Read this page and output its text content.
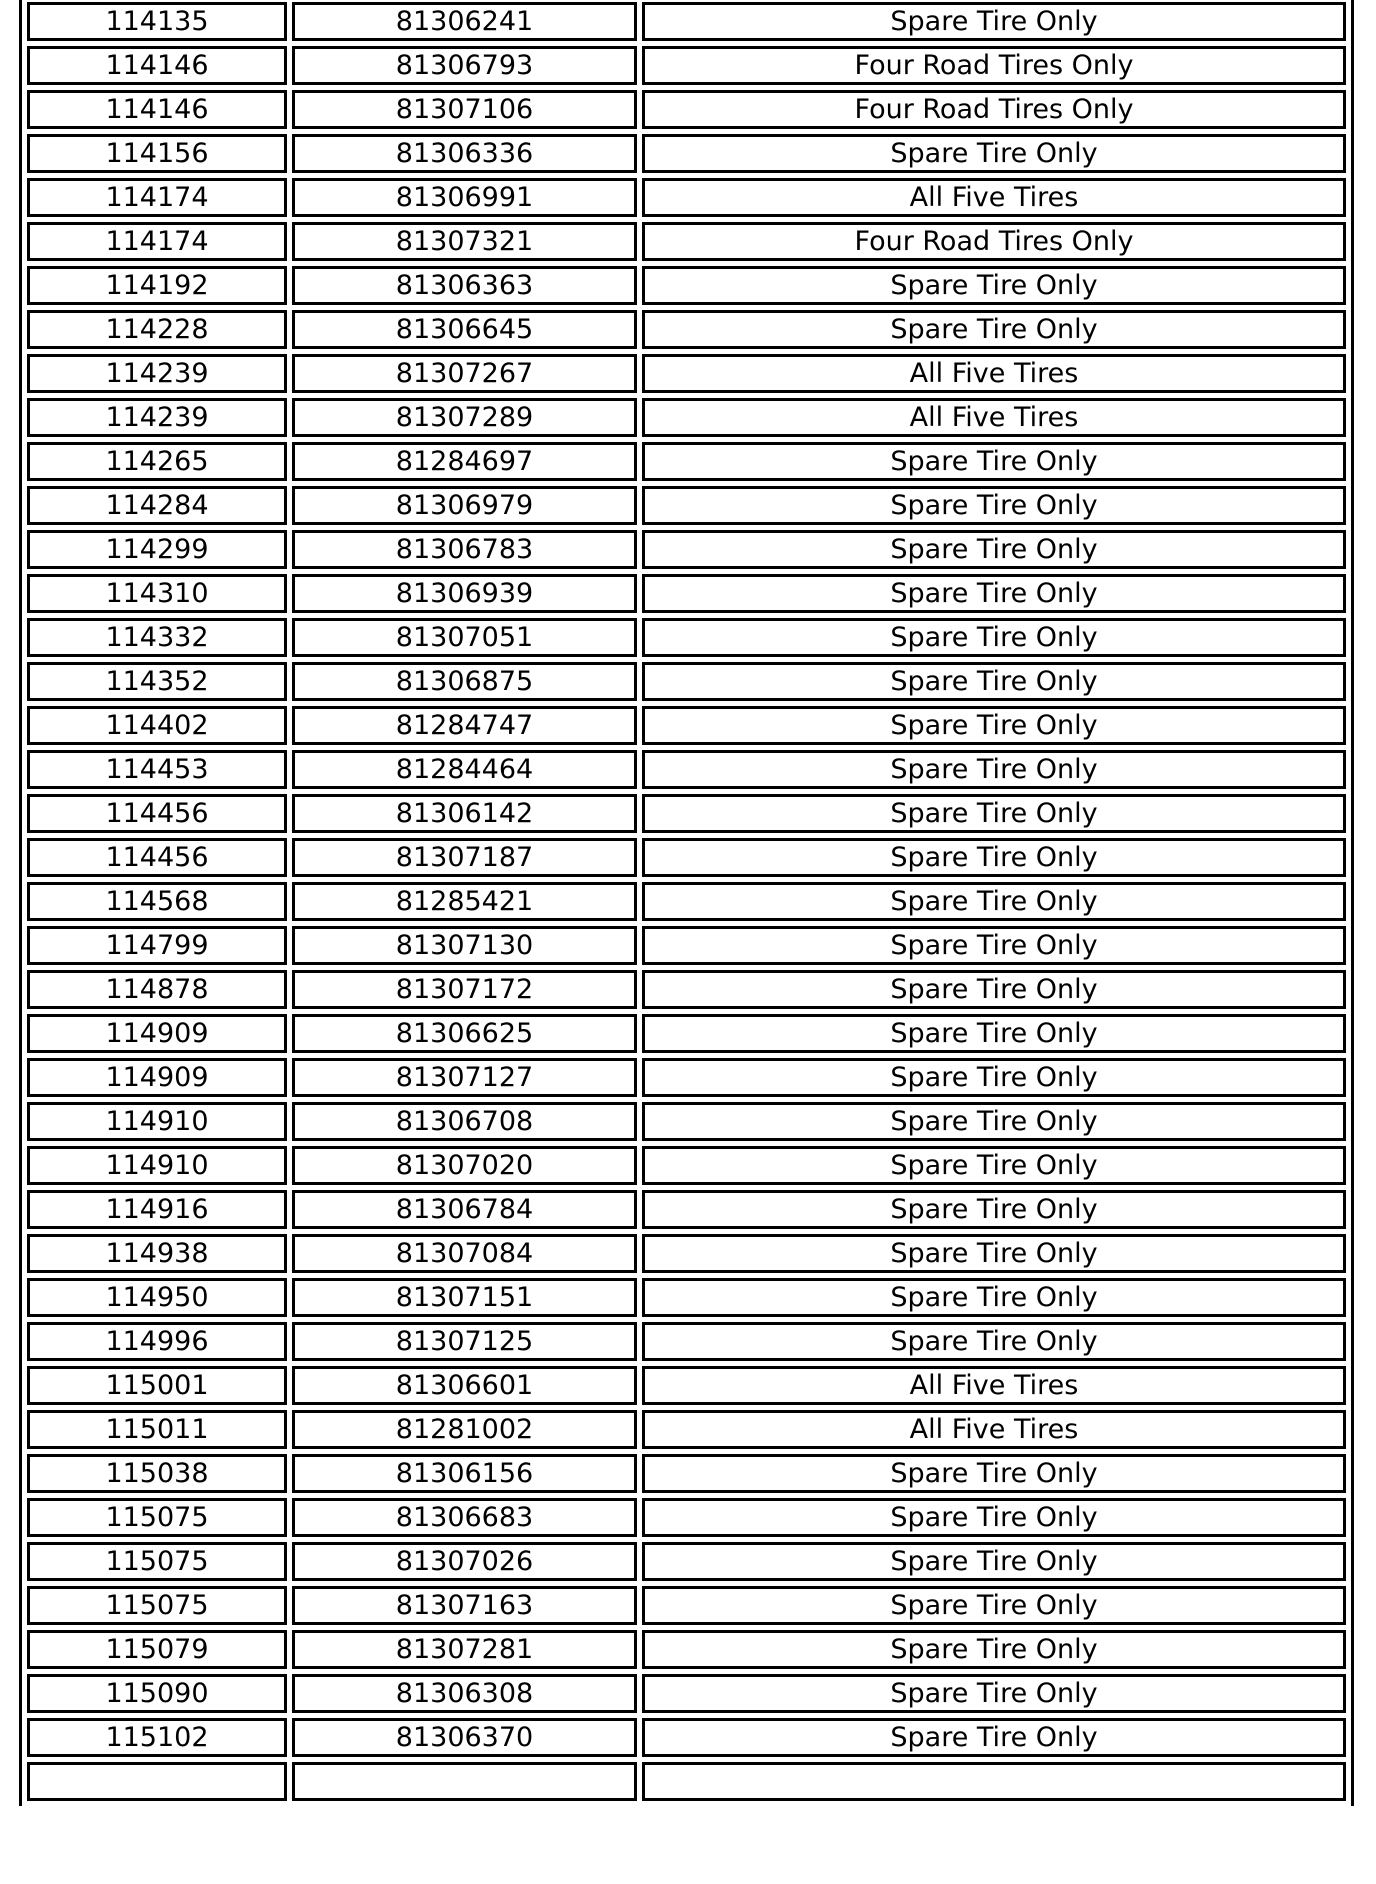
114135	81306241	Spare Tire Only
114146	81306793	Four Road Tires Only
114146	81307106	Four Road Tires Only
114156	81306336	Spare Tire Only
114174	81306991	All Five Tires
114174	81307321	Four Road Tires Only
114192	81306363	Spare Tire Only
114228	81306645	Spare Tire Only
114239	81307267	All Five Tires
114239	81307289	All Five Tires
114265	81284697	Spare Tire Only
114284	81306979	Spare Tire Only
114299	81306783	Spare Tire Only
114310	81306939	Spare Tire Only
114332	81307051	Spare Tire Only
114352	81306875	Spare Tire Only
114402	81284747	Spare Tire Only
114453	81284464	Spare Tire Only
114456	81306142	Spare Tire Only
114456	81307187	Spare Tire Only
114568	81285421	Spare Tire Only
114799	81307130	Spare Tire Only
114878	81307172	Spare Tire Only
114909	81306625	Spare Tire Only
114909	81307127	Spare Tire Only
114910	81306708	Spare Tire Only
114910	81307020	Spare Tire Only
114916	81306784	Spare Tire Only
114938	81307084	Spare Tire Only
114950	81307151	Spare Tire Only
114996	81307125	Spare Tire Only
115001	81306601	All Five Tires
115011	81281002	All Five Tires
115038	81306156	Spare Tire Only
115075	81306683	Spare Tire Only
115075	81307026	Spare Tire Only
115075	81307163	Spare Tire Only
115079	81307281	Spare Tire Only
115090	81306308	Spare Tire Only
115102	81306370	Spare Tire Only
